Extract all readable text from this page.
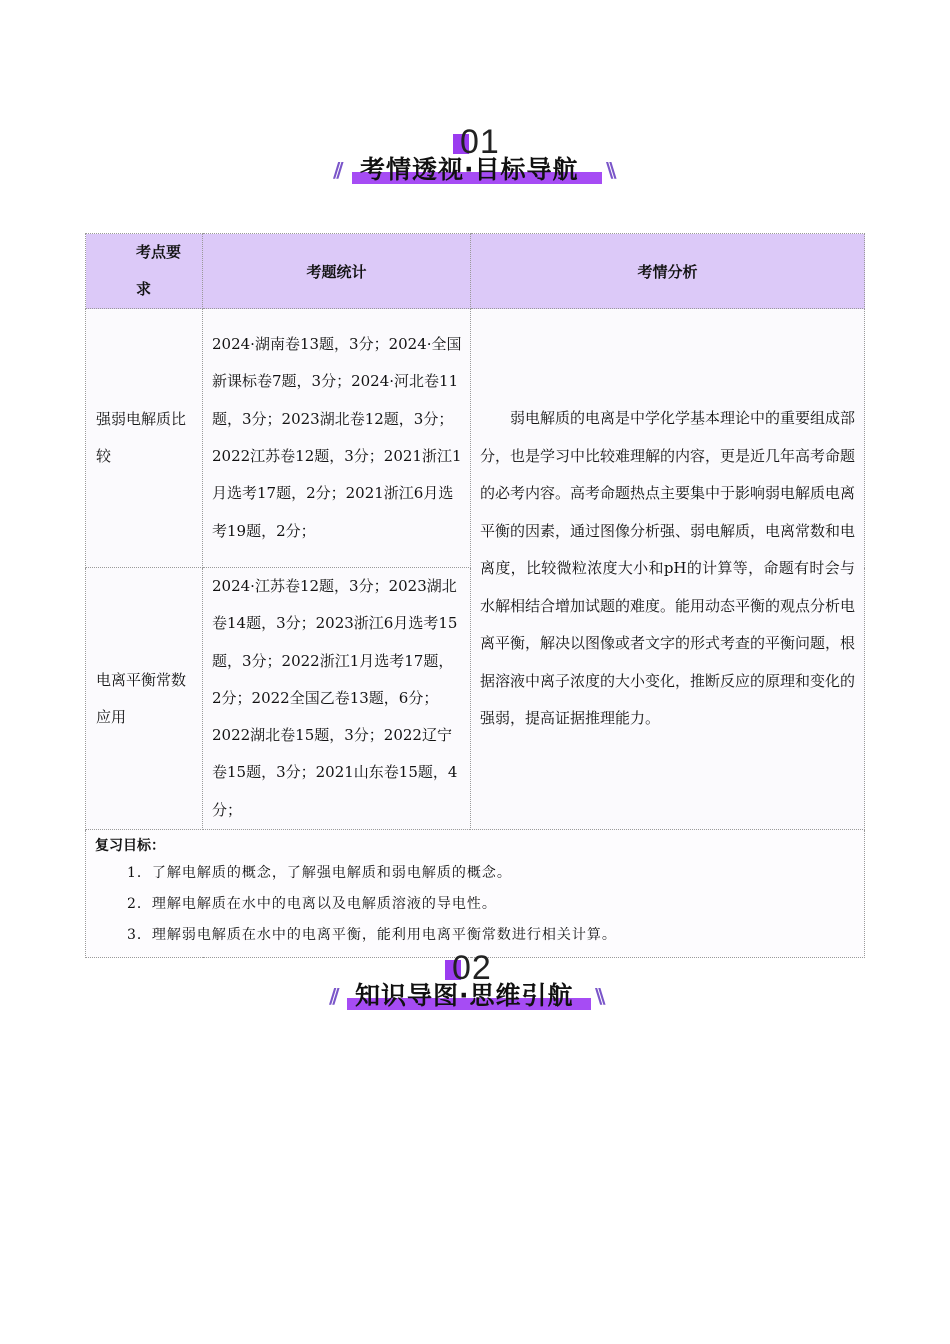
01
// 考情透视·目标导航 \\
考点要求	考题统计	考情分析
强弱电解质比较	2024·湖南卷13题，3分；2024·全国新课标卷7题，3分；2024·河北卷11题，3分；2023湖北卷12题，3分；2022江苏卷12题，3分；2021浙江1月选考17题，2分；2021浙江6月选考19题，2分；	弱电解质的电离是中学化学基本理论中的重要组成部分，也是学习中比较难理解的内容，更是近几年高考命题的必考内容。高考命题热点主要集中于影响弱电解质电离平衡的因素，通过图像分析强、弱电解质，电离常数和电离度，比较微粒浓度大小和pH的计算等，命题有时会与水解相结合增加试题的难度。能用动态平衡的观点分析电离平衡，解决以图像或者文字的形式考查的平衡问题，根据溶液中离子浓度的大小变化，推断反应的原理和变化的强弱，提高证据推理能力。
电离平衡常数应用	2024·江苏卷12题，3分；2023湖北卷14题，3分；2023浙江6月选考15题，3分；2022浙江1月选考17题，2分；2022全国乙卷13题，6分；2022湖北卷15题，3分；2022辽宁卷15题，3分；2021山东卷15题，4分；	

复习目标：
1．了解电解质的概念，了解强电解质和弱电解质的概念。
2．理解电解质在水中的电离以及电解质溶液的导电性。
3．理解弱电解质在水中的电离平衡，能利用电离平衡常数进行相关计算。		
02
// 知识导图·思维引航 \\
